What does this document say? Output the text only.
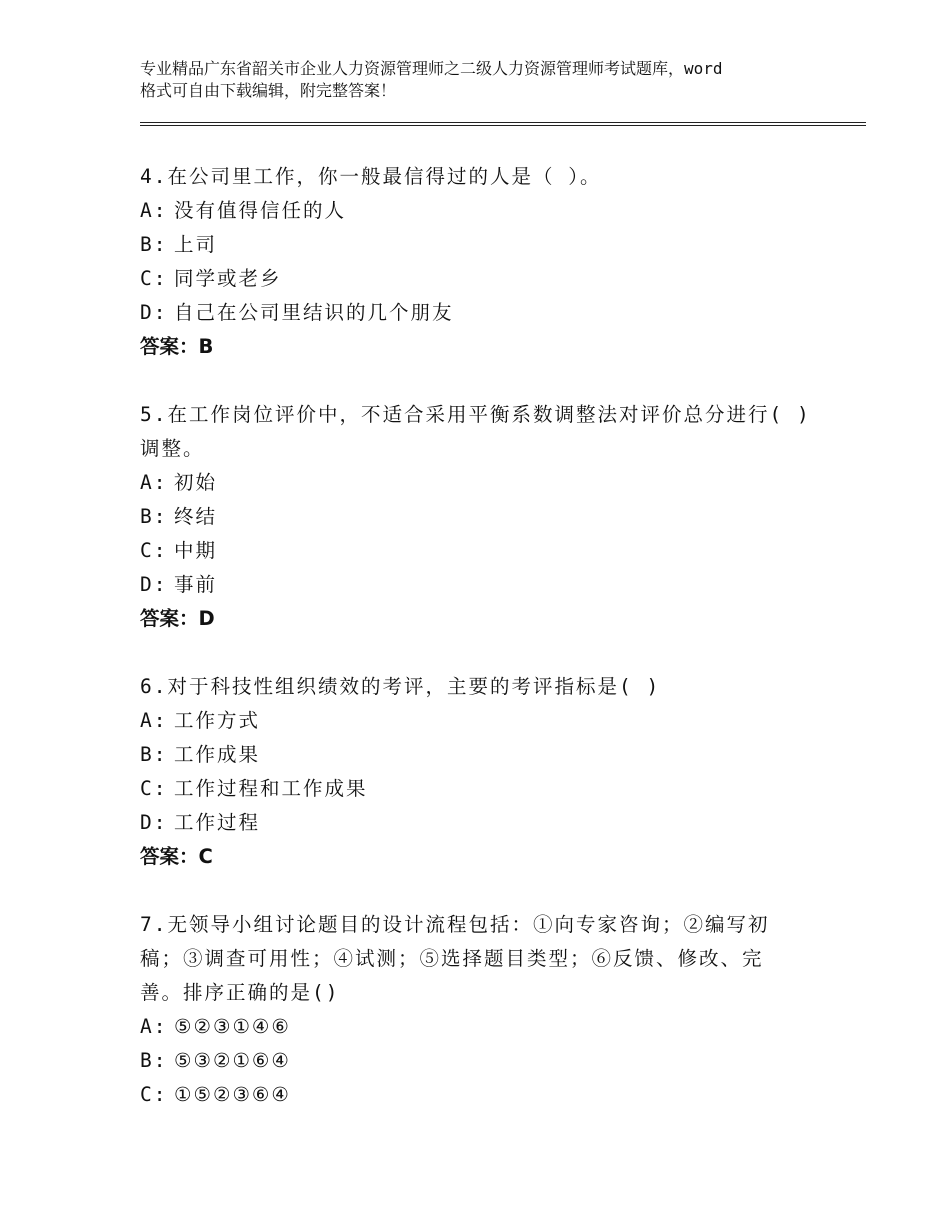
专业精品广东省韶关市企业人力资源管理师之二级人力资源管理师考试题库，word
格式可自由下载编辑，附完整答案！

4.在公司里工作，你一般最信得过的人是（ ）。

A: 没有值得信任的人

B: 上司

C: 同学或老乡

D: 自己在公司里结识的几个朋友

答案：B

5.在工作岗位评价中，不适合采用平衡系数调整法对评价总分进行( )

调整。

A: 初始

B: 终结

C: 中期

D: 事前

答案：D

6.对于科技性组织绩效的考评，主要的考评指标是( )

A: 工作方式

B: 工作成果

C: 工作过程和工作成果

D: 工作过程

答案：C

7.无领导小组讨论题目的设计流程包括：①向专家咨询；②编写初

稿；③调查可用性；④试测；⑤选择题目类型；⑥反馈、修改、完

善。排序正确的是()

A: ⑤②③①④⑥

B: ⑤③②①⑥④

C: ①⑤②③⑥④
